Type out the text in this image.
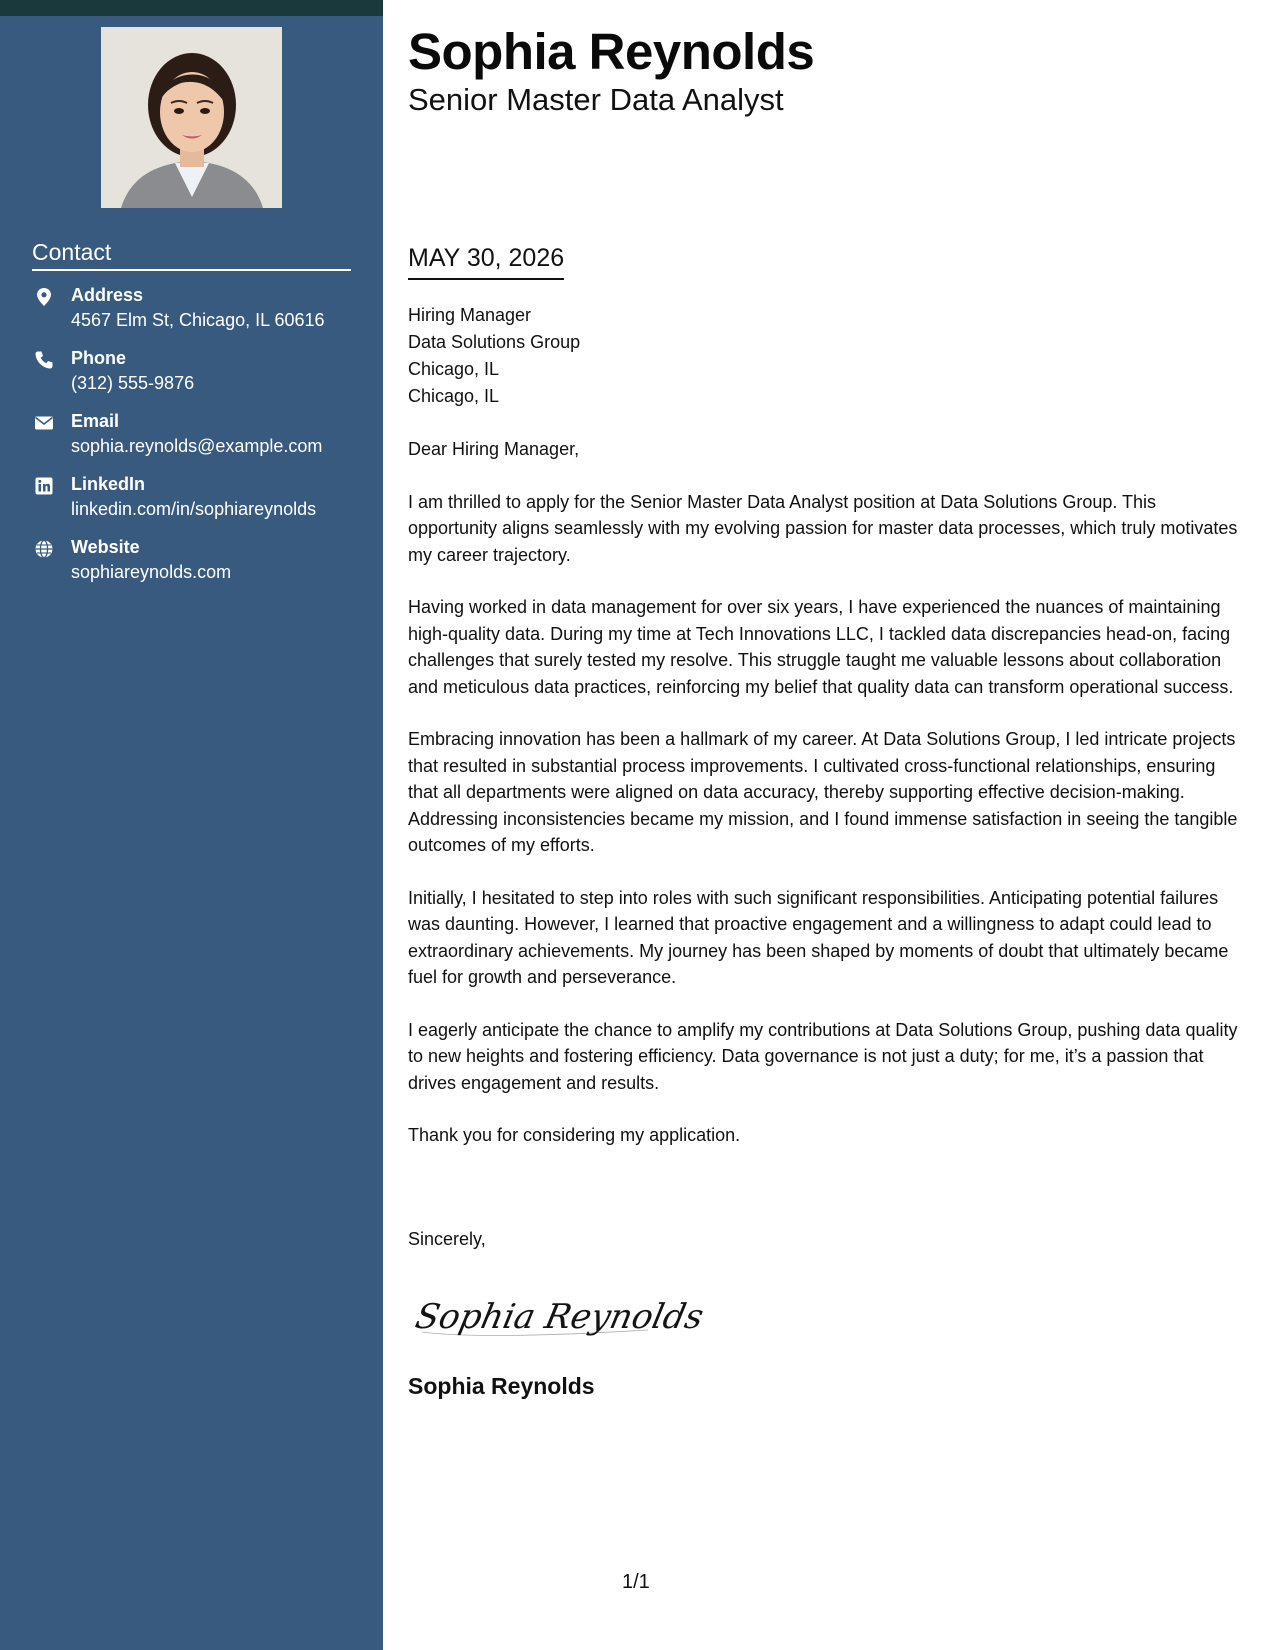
Contact
Address
4567 Elm St, Chicago, IL 60616
Phone
(312) 555-9876
Email
sophia.reynolds@example.com
LinkedIn
linkedin.com/in/sophiareynolds
Website
sophiareynolds.com
Sophia Reynolds
Senior Master Data Analyst
MAY 30, 2026
Hiring Manager
Data Solutions Group
Chicago, IL
Chicago, IL

Dear Hiring Manager,

I am thrilled to apply for the Senior Master Data Analyst position at Data Solutions Group. This opportunity aligns seamlessly with my evolving passion for master data processes, which truly motivates my career trajectory.

Having worked in data management for over six years, I have experienced the nuances of maintaining high-quality data. During my time at Tech Innovations LLC, I tackled data discrepancies head-on, facing challenges that surely tested my resolve. This struggle taught me valuable lessons about collaboration and meticulous data practices, reinforcing my belief that quality data can transform operational success.

Embracing innovation has been a hallmark of my career. At Data Solutions Group, I led intricate projects that resulted in substantial process improvements. I cultivated cross-functional relationships, ensuring that all departments were aligned on data accuracy, thereby supporting effective decision-making. Addressing inconsistencies became my mission, and I found immense satisfaction in seeing the tangible outcomes of my efforts.

Initially, I hesitated to step into roles with such significant responsibilities. Anticipating potential failures was daunting. However, I learned that proactive engagement and a willingness to adapt could lead to extraordinary achievements. My journey has been shaped by moments of doubt that ultimately became fuel for growth and perseverance.

I eagerly anticipate the chance to amplify my contributions at Data Solutions Group, pushing data quality to new heights and fostering efficiency. Data governance is not just a duty; for me, it’s a passion that drives engagement and results.

Thank you for considering my application.

Sincerely,
Sophia Reynolds
Sophia Reynolds
1/1
